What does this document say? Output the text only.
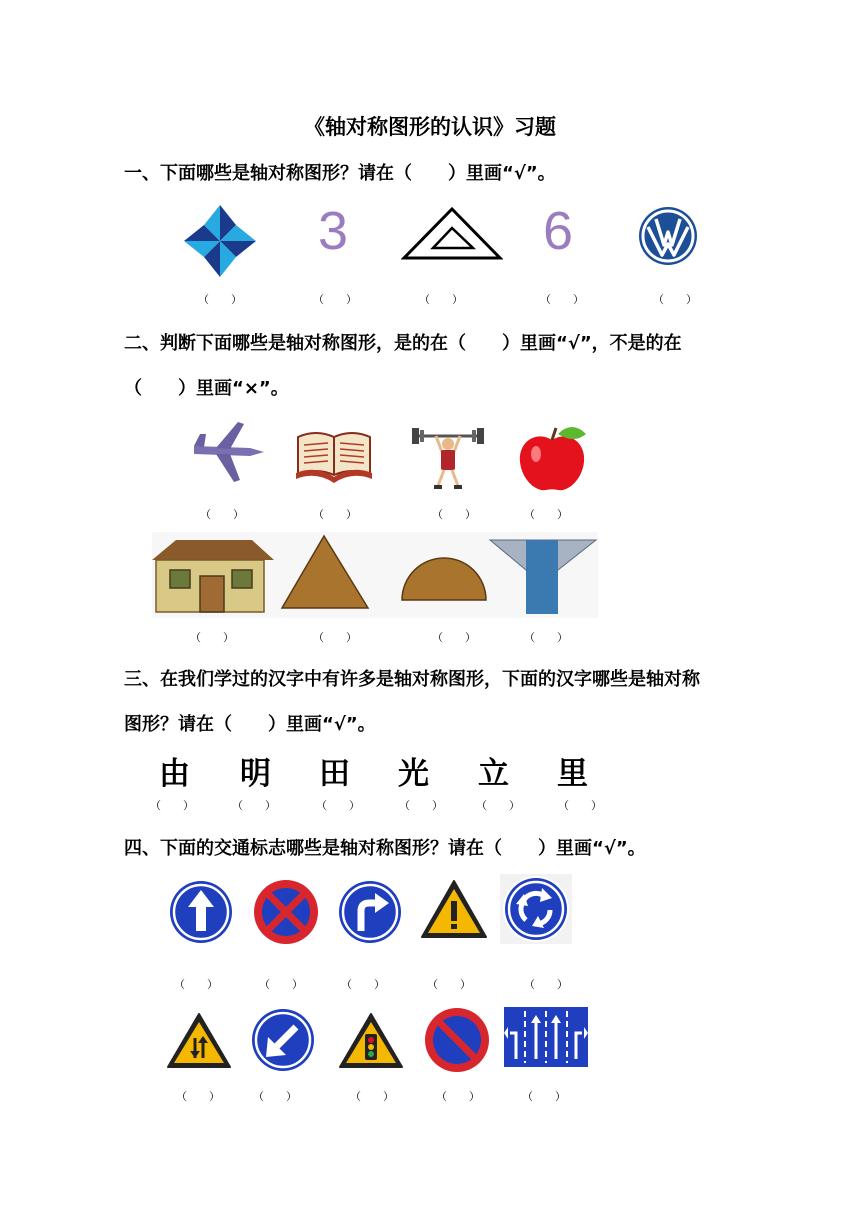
《轴对称图形的认识》习题
一、下面哪些是轴对称图形？请在（　　）里画“√”。
3	6
（　　）	（　　）	（　　）	（　　）	（　　）
二、判断下面哪些是轴对称图形，是的在（　　）里画“√”，不是的在
（　　）里画“×”。
（　　）	（　　）	（　　）	（　　）
（　　）	（　　）	（　　）	（　　）
三、在我们学过的汉字中有许多是轴对称图形，下面的汉字哪些是轴对称
图形？请在（　　）里画“√”。
由 明 田 光 立 里
（　　）	（　　）	（　　）	（　　）	（　　）	（　　）
四、下面的交通标志哪些是轴对称图形？请在（　　）里画“√”。
（　　）	（　　）	（　　）	（　　）	（　　）
（　　）	（　　）	（　　）	（　　）	（　　）
